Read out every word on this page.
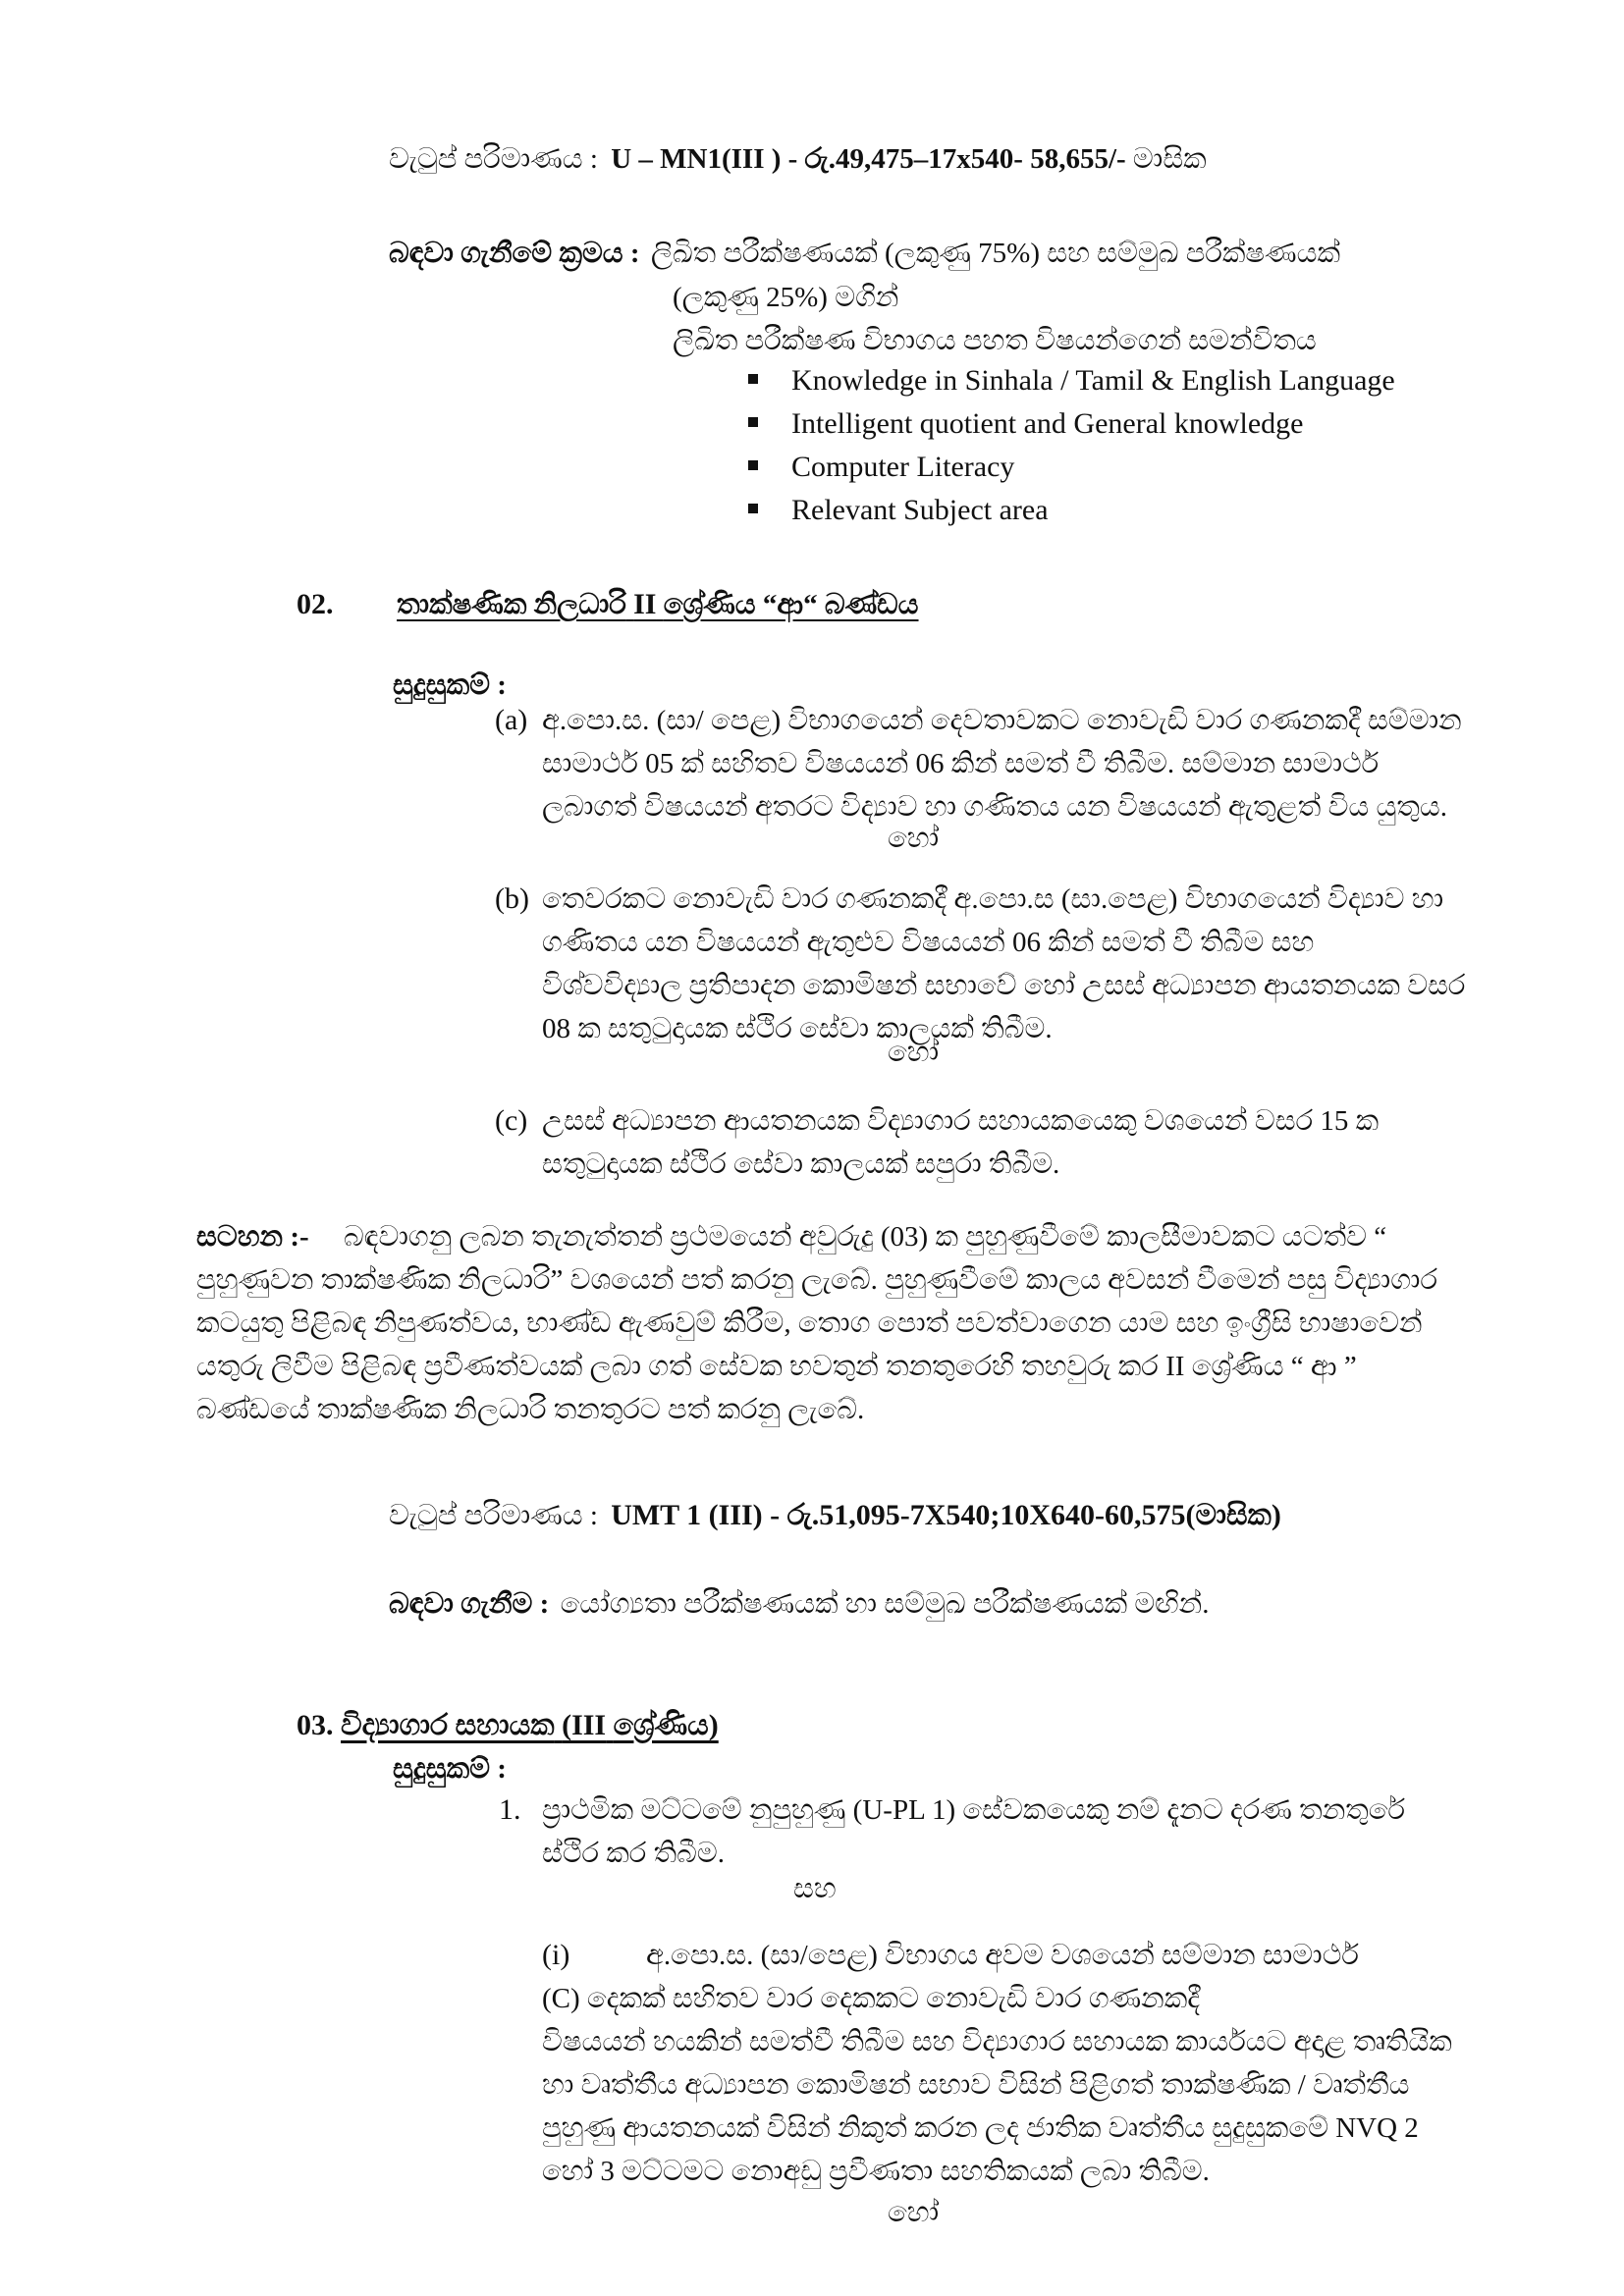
වැටුප් පරිමාණය : U – MN1(III ) - රු.49,475–17x540- 58,655/- මාසික
බඳවා ගැනීමේ ක්‍රමය : ලිඛිත පරීක්ෂණයක් (ලකුණු 75%) සහ සම්මුඛ පරීක්ෂණයක්
(ලකුණු 25%) මගින්
ලිඛිත පරීක්ෂණ විභාගය පහත විෂයන්ගෙන් සමන්විතය
Knowledge in Sinhala / Tamil & English Language
Intelligent quotient and General knowledge
Computer Literacy
Relevant Subject area
02. තාක්ෂණික නිලධාරි II ශ්‍රේණිය “ආ“ බණ්ඩය
සුදුසුකම් :
(a) අ.පො.ස. (සා/ පෙළ) විභාගයෙන් දෙවතාවකට නොවැඩි වාර ගණනකදී සම්මාන
සාමාර්ථ 05 ක් සහිතව විෂයයන් 06 කින් සමත් වී තිබීම. සම්මාන සාමාර්ථ
ලබාගත් විෂයයන් අතරට විද්‍යාව හා ගණිතය යන විෂයයන් ඇතුළත් විය යුතුය.
හෝ
(b) තෙවරකට නොවැඩි වාර ගණනකදී අ.පො.ස (සා.පෙළ) විභාගයෙන් විද්‍යාව හා
ගණිතය යන විෂයයන් ඇතුළුව විෂයයන් 06 කින් සමත් වී තිබීම සහ
විශ්වවිද්‍යාල ප්‍රතිපාදන කොමිෂන් සභාවේ හෝ උසස් අධ්‍යාපන ආයතනයක වසර
08 ක සතුටුදායක ස්ථිර සේවා කාලයක් තිබීම.
හෝ
(c) උසස් අධ්‍යාපන ආයතනයක විද්‍යාගාර සහායකයෙකු වශයෙන් වසර 15 ක
සතුටුදායක ස්ථිර සේවා කාලයක් සපුරා තිබීම.
සටහන :- බඳවාගනු ලබන තැනැත්තන් ප්‍රථමයෙන් අවුරුදු (03) ක පුහුණුවීමේ කාලසීමාවකට යටත්ව “
පුහුණුවන තාක්ෂණික නිලධාරි” වශයෙන් පත් කරනු ලැබේ. පුහුණුවීමේ කාලය අවසන් වීමෙන් පසු විද්‍යාගාර
කටයුතු පිළිබඳ නිපුණත්වය, භාණ්ඩ ඇණවුම් කිරීම, තොග පොත් පවත්වාගෙන යාම සහ ඉංග්‍රීසි භාෂාවෙන්
යතුරු ලිවීම පිළිබඳ ප්‍රවීණත්වයක් ලබා ගත් සේවක භවතුන් තනතුරෙහි තහවුරු කර II ශ්‍රේණිය “ ආ ”
බණ්ඩයේ තාක්ෂණික නිලධාරි තනතුරට පත් කරනු ලැබේ.
වැටුප් පරිමාණය : UMT 1 (III) - රු.51,095-7X540;10X640-60,575(මාසික)
බඳවා ගැනීම : යෝග්‍යතා පරීක්ෂණයක් හා සම්මුඛ පරීක්ෂණයක් මඟින්.
03. විද්‍යාගාර සහායක (III ශ්‍රේණිය)
සුදුසුකම් :
1. ප්‍රාථමික මට්ටමේ නුපුහුණු (U-PL 1) සේවකයෙකු නම් දැනට දරණ තනතුරේ
ස්ථිර කර තිබීම.
සහ
(i)	අ.පො.ස. (සා/පෙළ) විභාගය අවම වශයෙන් සම්මාන සාමාර්ථ
(C) දෙකක් සහිතව වාර දෙකකට නොවැඩි වාර ගණනකදී
විෂයයන් හයකින් සමත්වී තිබීම සහ විද්‍යාගාර සහායක කාර්යයට අදාළ තෘතියික
හා වෘත්තීය අධ්‍යාපන කොමිෂන් සභාව විසින් පිළිගත් තාක්ෂණික / වෘත්තීය
පුහුණු ආයතනයක් විසින් නිකුත් කරන ලද ජාතික වෘත්තීය සුදුසුකමේ NVQ 2
හෝ 3 මට්ටමට නොඅඩු ප්‍රවීණතා සහතිකයක් ලබා තිබීම.
හෝ
